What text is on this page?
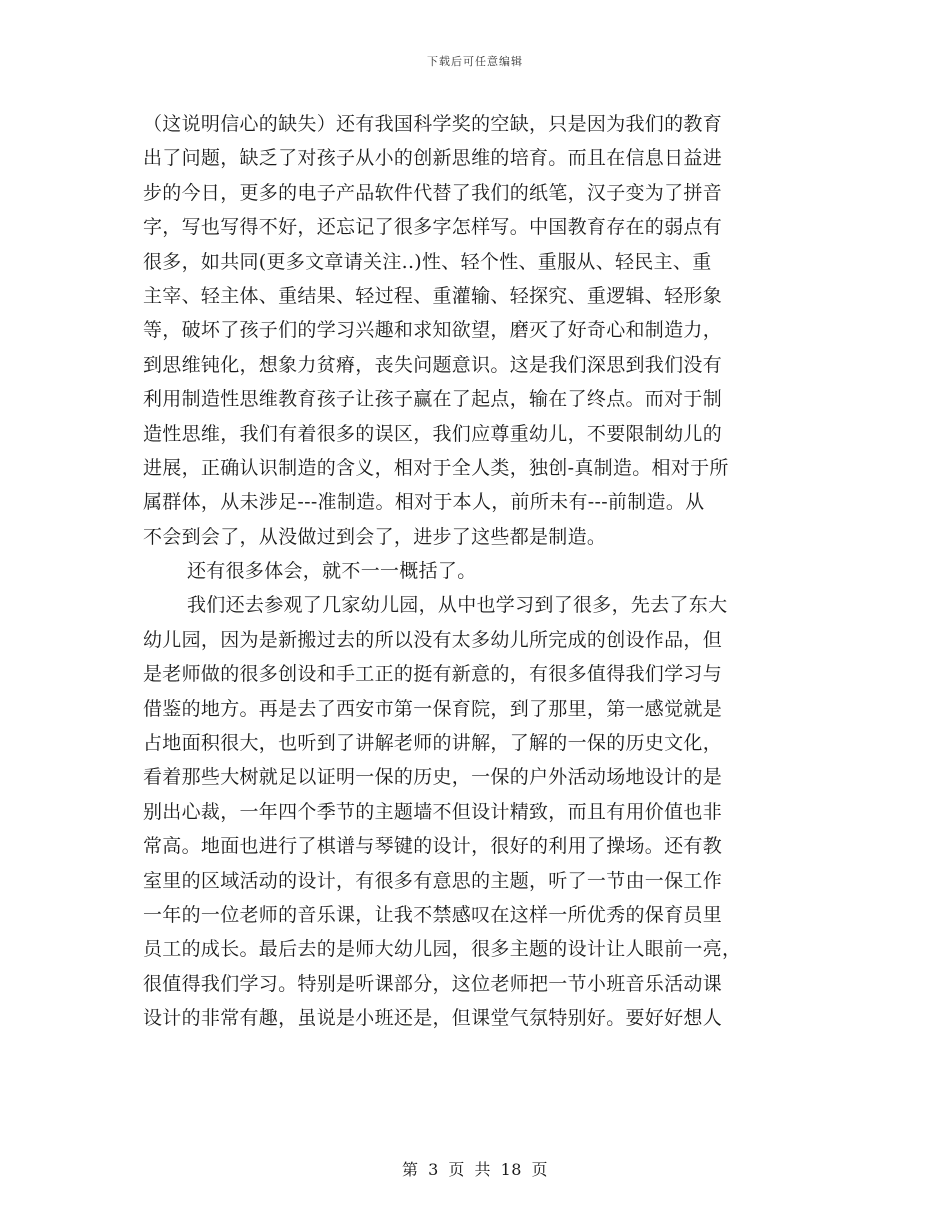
下载后可任意编辑
（这说明信心的缺失）还有我国科学奖的空缺，只是因为我们的教育
出了问题，缺乏了对孩子从小的创新思维的培育。而且在信息日益进
步的今日，更多的电子产品软件代替了我们的纸笔，汉子变为了拼音
字，写也写得不好，还忘记了很多字怎样写。中国教育存在的弱点有
很多，如共同(更多文章请关注..)性、轻个性、重服从、轻民主、重
主宰、轻主体、重结果、轻过程、重灌输、轻探究、重逻辑、轻形象
等，破坏了孩子们的学习兴趣和求知欲望，磨灭了好奇心和制造力，
到思维钝化，想象力贫瘠，丧失问题意识。这是我们深思到我们没有
利用制造性思维教育孩子让孩子赢在了起点，输在了终点。而对于制
造性思维，我们有着很多的误区，我们应尊重幼儿，不要限制幼儿的
进展，正确认识制造的含义，相对于全人类，独创-真制造。相对于所
属群体，从未涉足---准制造。相对于本人，前所未有---前制造。从
不会到会了，从没做过到会了，进步了这些都是制造。
还有很多体会，就不一一概括了。
我们还去参观了几家幼儿园，从中也学习到了很多，先去了东大
幼儿园，因为是新搬过去的所以没有太多幼儿所完成的创设作品，但
是老师做的很多创设和手工正的挺有新意的，有很多值得我们学习与
借鉴的地方。再是去了西安市第一保育院，到了那里，第一感觉就是
占地面积很大，也听到了讲解老师的讲解，了解的一保的历史文化，
看着那些大树就足以证明一保的历史，一保的户外活动场地设计的是
别出心裁，一年四个季节的主题墙不但设计精致，而且有用价值也非
常高。地面也进行了棋谱与琴键的设计，很好的利用了操场。还有教
室里的区域活动的设计，有很多有意思的主题，听了一节由一保工作
一年的一位老师的音乐课，让我不禁感叹在这样一所优秀的保育员里
员工的成长。最后去的是师大幼儿园，很多主题的设计让人眼前一亮，
很值得我们学习。特别是听课部分，这位老师把一节小班音乐活动课
设计的非常有趣，虽说是小班还是，但课堂气氛特别好。要好好想人
第 3 页 共 18 页
